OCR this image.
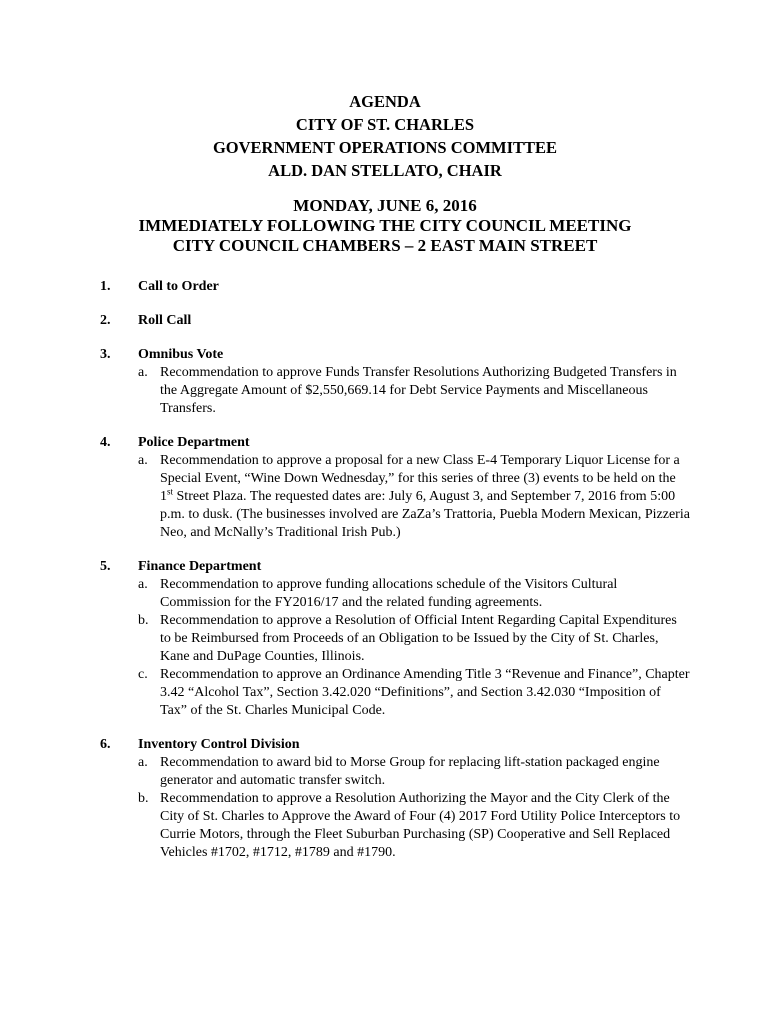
AGENDA
CITY OF ST. CHARLES
GOVERNMENT OPERATIONS COMMITTEE
ALD. DAN STELLATO, CHAIR
MONDAY, JUNE 6, 2016
IMMEDIATELY FOLLOWING THE CITY COUNCIL MEETING
CITY COUNCIL CHAMBERS – 2 EAST MAIN STREET
1. Call to Order
2. Roll Call
3. Omnibus Vote
a. Recommendation to approve Funds Transfer Resolutions Authorizing Budgeted Transfers in the Aggregate Amount of $2,550,669.14 for Debt Service Payments and Miscellaneous Transfers.
4. Police Department
a. Recommendation to approve a proposal for a new Class E-4 Temporary Liquor License for a Special Event, “Wine Down Wednesday,” for this series of three (3) events to be held on the 1st Street Plaza. The requested dates are: July 6, August 3, and September 7, 2016 from 5:00 p.m. to dusk. (The businesses involved are ZaZa’s Trattoria, Puebla Modern Mexican, Pizzeria Neo, and McNally’s Traditional Irish Pub.)
5. Finance Department
a. Recommendation to approve funding allocations schedule of the Visitors Cultural Commission for the FY2016/17 and the related funding agreements.
b. Recommendation to approve a Resolution of Official Intent Regarding Capital Expenditures to be Reimbursed from Proceeds of an Obligation to be Issued by the City of St. Charles, Kane and DuPage Counties, Illinois.
c. Recommendation to approve an Ordinance Amending Title 3 “Revenue and Finance”, Chapter 3.42 “Alcohol Tax”, Section 3.42.020 “Definitions”, and Section 3.42.030 “Imposition of Tax” of the St. Charles Municipal Code.
6. Inventory Control Division
a. Recommendation to award bid to Morse Group for replacing lift-station packaged engine generator and automatic transfer switch.
b. Recommendation to approve a Resolution Authorizing the Mayor and the City Clerk of the City of St. Charles to Approve the Award of Four (4) 2017 Ford Utility Police Interceptors to Currie Motors, through the Fleet Suburban Purchasing (SP) Cooperative and Sell Replaced Vehicles #1702, #1712, #1789 and #1790.
